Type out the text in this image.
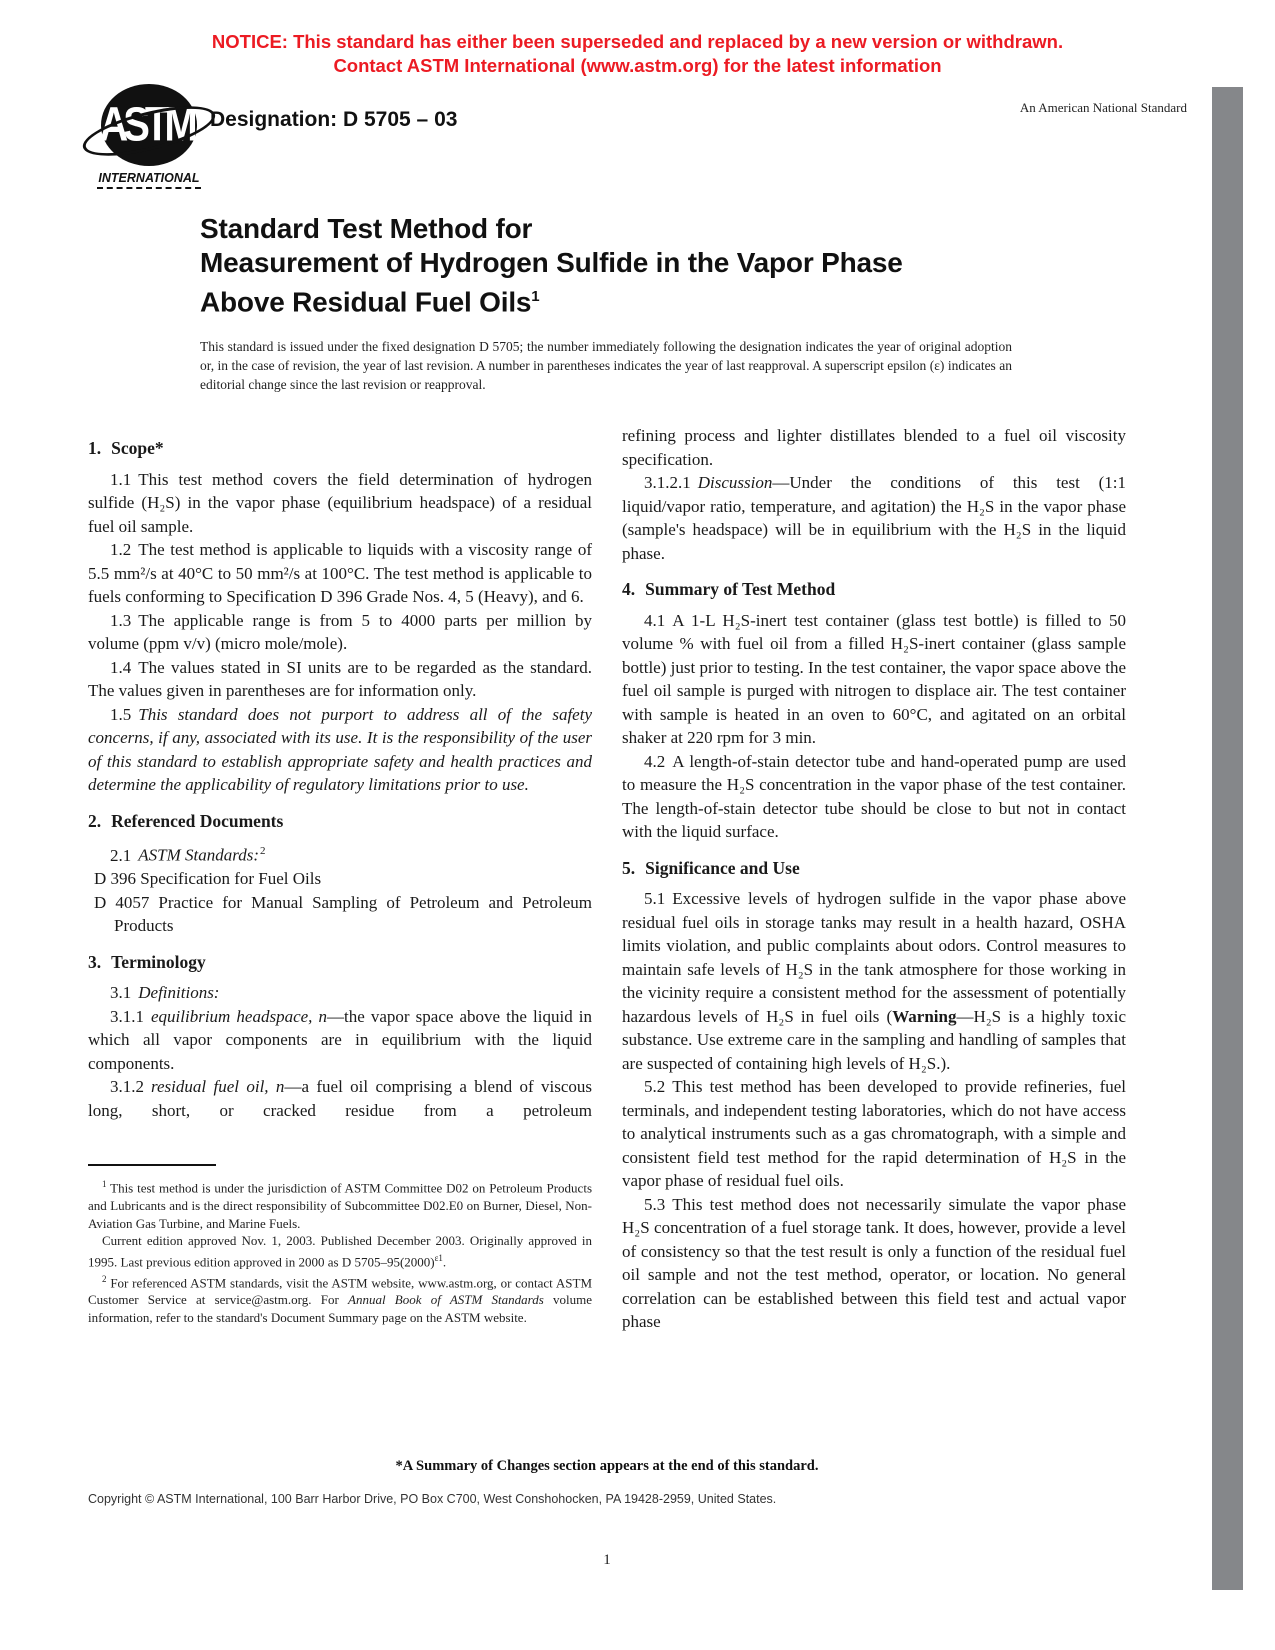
NOTICE: This standard has either been superseded and replaced by a new version or withdrawn.
Contact ASTM International (www.astm.org) for the latest information
ASTM
INTERNATIONAL
Designation: D 5705 – 03
An American National Standard
Standard Test Method for
Measurement of Hydrogen Sulfide in the Vapor Phase
Above Residual Fuel Oils$^1$
This standard is issued under the fixed designation D 5705; the number immediately following the designation indicates the year of original adoption or, in the case of revision, the year of last revision. A number in parentheses indicates the year of last reapproval. A superscript epsilon (ε) indicates an editorial change since the last revision or reapproval.
1. Scope*

1.1 This test method covers the field determination of hydrogen sulfide (H₂S) in the vapor phase (equilibrium headspace) of a residual fuel oil sample.

1.2 The test method is applicable to liquids with a viscosity range of 5.5 mm²/s at 40°C to 50 mm²/s at 100°C. The test method is applicable to fuels conforming to Specification D 396 Grade Nos. 4, 5 (Heavy), and 6.

1.3 The applicable range is from 5 to 4000 parts per million by volume (ppm v/v) (micro mole/mole).

1.4 The values stated in SI units are to be regarded as the standard. The values given in parentheses are for information only.

1.5 This standard does not purport to address all of the safety concerns, if any, associated with its use. It is the responsibility of the user of this standard to establish appropriate safety and health practices and determine the applicability of regulatory limitations prior to use.

2. Referenced Documents

2.1 ASTM Standards:$^2$

D 396 Specification for Fuel Oils

D 4057 Practice for Manual Sampling of Petroleum and Petroleum Products

3. Terminology

3.1 Definitions:

3.1.1 equilibrium headspace, n—the vapor space above the liquid in which all vapor components are in equilibrium with the liquid components.

3.1.2 residual fuel oil, n—a fuel oil comprising a blend of viscous long, short, or cracked residue from a petroleum

$^1$ This test method is under the jurisdiction of ASTM Committee D02 on Petroleum Products and Lubricants and is the direct responsibility of Subcommittee D02.E0 on Burner, Diesel, Non-Aviation Gas Turbine, and Marine Fuels.

Current edition approved Nov. 1, 2003. Published December 2003. Originally approved in 1995. Last previous edition approved in 2000 as D $5705-95(2000)^{\varepsilon 1}$.

$^2$ For referenced ASTM standards, visit the ASTM website, www.astm.org, or contact ASTM Customer Service at service@astm.org. For Annual Book of ASTM Standards volume information, refer to the standard's Document Summary page on the ASTM website.

refining process and lighter distillates blended to a fuel oil viscosity specification.

3.1.2.1 Discussion—Under the conditions of this test (1:1 liquid/vapor ratio, temperature, and agitation) the H₂S in the vapor phase (sample's headspace) will be in equilibrium with the H₂S in the liquid phase.

4. Summary of Test Method

4.1 A 1-L H₂S-inert test container (glass test bottle) is filled to 50 volume % with fuel oil from a filled H₂S-inert container (glass sample bottle) just prior to testing. In the test container, the vapor space above the fuel oil sample is purged with nitrogen to displace air. The test container with sample is heated in an oven to 60°C, and agitated on an orbital shaker at 220 rpm for 3 min.

4.2 A length-of-stain detector tube and hand-operated pump are used to measure the H₂S concentration in the vapor phase of the test container. The length-of-stain detector tube should be close to but not in contact with the liquid surface.

5. Significance and Use

5.1 Excessive levels of hydrogen sulfide in the vapor phase above residual fuel oils in storage tanks may result in a health hazard, OSHA limits violation, and public complaints about odors. Control measures to maintain safe levels of H₂S in the tank atmosphere for those working in the vicinity require a consistent method for the assessment of potentially hazardous levels of H₂S in fuel oils (Warning—H₂S is a highly toxic substance. Use extreme care in the sampling and handling of samples that are suspected of containing high levels of H₂S.).

5.2 This test method has been developed to provide refineries, fuel terminals, and independent testing laboratories, which do not have access to analytical instruments such as a gas chromatograph, with a simple and consistent field test method for the rapid determination of H₂S in the vapor phase of residual fuel oils.

5.3 This test method does not necessarily simulate the vapor phase H₂S concentration of a fuel storage tank. It does, however, provide a level of consistency so that the test result is only a function of the residual fuel oil sample and not the test method, operator, or location. No general correlation can be established between this field test and actual vapor phase

*A Summary of Changes section appears at the end of this standard.
Copyright © ASTM International, 100 Barr Harbor Drive, PO Box C700, West Conshohocken, PA 19428-2959, United States.
1
